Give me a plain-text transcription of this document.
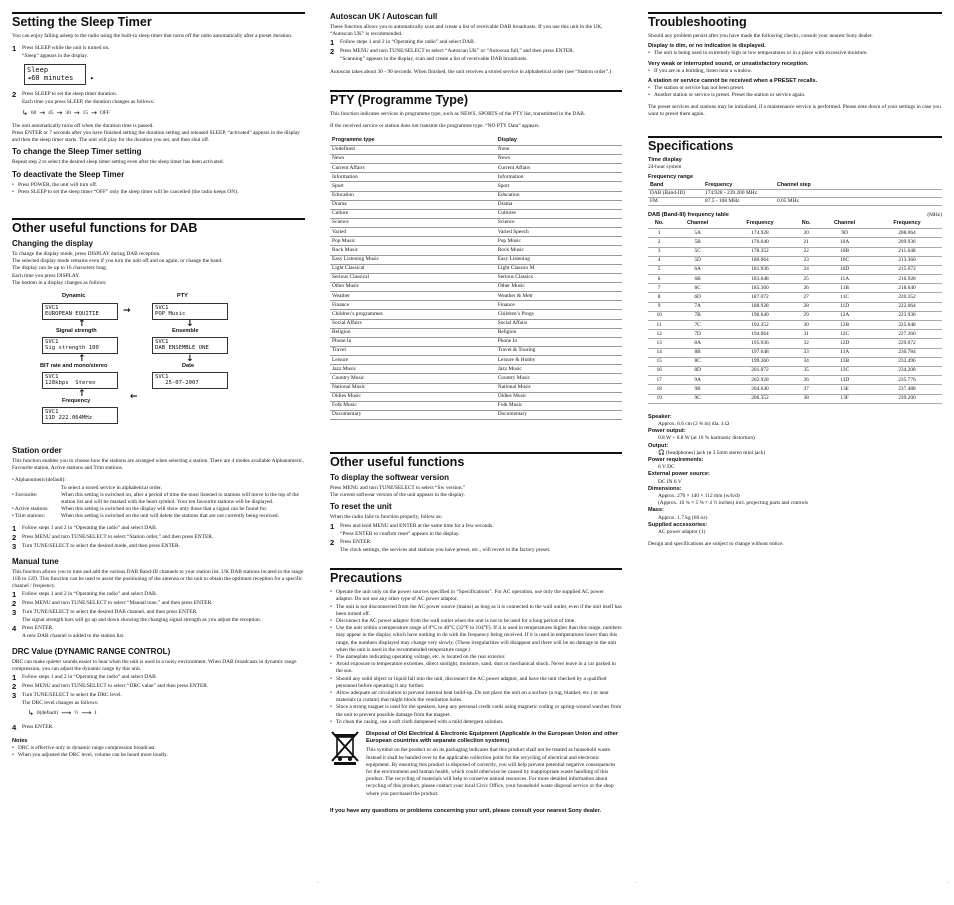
Setting the Sleep Timer

You can enjoy falling asleep to the radio using the built-in sleep timer that turns off the radio automatically after a preset duration.

1	Press SLEEP while the unit is turned on.

“Sleep” appears in the display.

Sleep
◂60 minutes    ▸
2	Press SLEEP to set the sleep timer duration.

Each time you press SLEEP, the duration changes as follows:

↳ 60 → 45 → 30 → 15 → OFF

The unit automatically turns off when the duration time is passed.

Press ENTER or 7 seconds after you have finished setting the duration setting and released SLEEP, “activated” appears in the display and then the sleep timer starts. The unit will play for the duration you set, and then shut off.

To change the Sleep Timer setting

Repeat step 2 to select the desired sleep timer setting even after the sleep timer has been activated.

To deactivate the Sleep Timer
• Press POWER, the unit will turn off.
• Press SLEEP to set the sleep timer “OFF” only the sleep timer will be cancelled (the radio keeps ON).
Other useful functions for DAB
Changing the display

To change the display mode, press DISPLAY during DAB reception.

The selected display mode remains even if you turn the unit off and on again, or change the band.

The display can be up to 16 characters long.

Each time you press DISPLAY.

The bottom in a display changes as follows:

Dynamic	PTY
SVC1
EUROPEAN EQUITIE	→	SVC1
POP Music
↑	↓
Signal strength	Ensemble
SVC1
Sig strength 100
SVC1
DAB ENSEMBLE ONE
↑	↓
BIT rate and mono/stereo	Date
SVC1
128kbps  Stereo
SVC1
25-07-2007
↑	←
Frequency
SVC1
11D 222.064MHz
Station order

This function enables you to choose how the stations are arranged when selecting a station. There are 4 modes available Alphanumeric, Favourite station, Active stations and Trim stations.

• Alphanumeric(default):
To select a stored service in alphabetical order.
• Favourite:	When this setting is switched on, after a period of time the most listened to stations will move to the top of the station list and will be marked with the heart symbol. Your ten favourite stations will be displayed.
• Active stations:	When this setting is switched on the display will show only those that a signal can be found for.
• Trim stations:	When this setting is switched on the unit will delete the stations that are not currently being received.
1	Follow steps 1 and 2 in “Operating the radio” and select DAB.
2	Press MENU and turn TUNE/SELECT to select “Station order,” and then press ENTER.
3	Turn TUNE/SELECT to select the desired mode, and then press ENTER.
Manual tune

This function allows you to tune and add the various DAB Band-III channels to your station list. UK DAB stations located in the range 11B to 12D. This function can be used to assist the positioning of the antenna or the unit to obtain the optimum reception for a specific channel / frequency.

1	Follow steps 1 and 2 in “Operating the radio” and select DAB.
2	Press MENU and turn TUNE/SELECT to select “Manual tune,” and then press ENTER.
3	Turn TUNE/SELECT to select the desired DAB channel, and then press ENTER.

The signal strength bars will go up and down showing the changing signal strength as you adjust the reception.

4	Press ENTER.

A new DAB channel is added to the station list.

DRC Value (DYNAMIC RANGE CONTROL)

DRC can make quieter sounds easier to hear when the unit is used in a noisy environment. When DAB broadcasts in dynamic range compression, you can adjust the dynamic range by this unit.

1	Follow steps 1 and 2 in “Operating the radio” and select DAB.
2	Press MENU and turn TUNE/SELECT to select “DRC value” and then press ENTER.
3	Turn TUNE/SELECT to select the DRC level.

The DRC level changes as follows:

↳ 0(default) ⟶ ½ ⟶ 1
4	Press ENTER.

Notes

• DRC is effective only in dynamic range compression broadcast.
• When you adjusted the DRC level, volume can be heard more loudly.
·
Autoscan UK / Autoscan full

These function allows you to automatically scan and create a list of receivable DAB broadcasts. If you use this unit in the UK, “Autoscan UK” is recommended.

1	Follow steps 1 and 2 in “Operating the radio” and select DAB.
2	Press MENU and turn TUNE/SELECT to select “Autoscan UK” or “Autoscan full,” and then press ENTER.

“Scanning” appears in the display, scan and create a list of receivable DAB broadcasts.

Autoscan takes about 30 - 90 seconds. When finished, the unit receives a stored service in alphabetical order (see “Station order”.)

PTY (Programme Type)

This function indicates services in programme type, such as NEWS, SPORTS of the PTY list, transmitted in the DAB.

If the received service or station does not transmit the programme type. “NO PTY Data” appears.

Programme type	Display
Undefined	None
News	News
Current Affairs	Current Affairs
Information	Information
Sport	Sport
Education	Education
Drama	Drama
Culture	Cultures
Science	Science
Varied	Varied Speech
Pop Music	Pop Music
Rock Music	Rock Music
Easy Listening Music	Easy Listening
Light Classical	Light Classics M
Serious Classical	Serious Classics
Other Music	Other Music
Weather	Weather & Metr
Finance	Finance
Children’s programmes	Children’s Progs
Social Affairs	Social Affairs
Religion	Religion
Phone In	Phone In
Travel	Travel & Touring
Leisure	Leisure & Hobby
Jazz Music	Jazz Music
Country Music	Country Music
National Music	National Music
Oldies Music	Oldies Music
Folk Music	Folk Music
Documentary	Documentary
Other useful functions
To display the softwear version

Press MENU and turn TUNE/SELECT to select “Sw version.”

The current softwear version of the unit appears in the display.

To reset the unit

When the radio fails to function properly, follow as:

1	Press and hold MENU and ENTER at the same time for a few seconds.

“Press ENTER to confirm reset” appears in the display.

2	Press ENTER.

The clock settings, the services and stations you have preset, etc., will revert to the factory preset.

Precautions
• Operate the unit only on the power sources specified in “Specifications”. For AC operation, use only the supplied AC power adaptor. Do not use any other type of AC power adaptor.
• The unit is not disconnected from the AC power source (mains) as long as it is connected to the wall outlet, even if the unit itself has been turned off.
• Disconnect the AC power adaptor from the wall outlet when the unit is not to be used for a long period of time.
• Use the unit within a temperature range of 0°C to 40°C (32°F to 104°F). If it is used in temperatures higher than this range, numbers may appear in the display which have nothing to do with the frequency being received. If it is used in temperatures lower than this range, the numbers displayed may change very slowly. (These irregularities will disappear and there will be no damage to the unit when the unit is used in the recommended temperature range.)
• The nameplate indicating operating voltage, etc. is located on the rear exterior.
• Avoid exposure to temperature extremes, direct sunlight, moisture, sand, dust or mechanical shock. Never leave in a car parked in the sun.
• Should any solid object or liquid fall into the unit, disconnect the AC power adaptor, and have the unit checked by a qualified personnel before operating it any further.
• Allow adequate air circulation to prevent internal heat build-up. Do not place the unit on a surface (a rug, blanket, etc.) or near materials (a curtain) that might block the ventilation holes.
• Since a strong magnet is used for the speakers, keep any personal credit cards using magnetic coding or spring-wound watches from the unit to prevent possible damage from the magnet.
• To clean the casing, use a soft cloth dampened with a mild detergent solution.

Disposal of Old Electrical & Electronic Equipment (Applicable in the European Union and other European countries with separate collection systems)

This symbol on the product or on its packaging indicates that this product shall not be treated as household waste. Instead it shall be handed over to the applicable collection point for the recycling of electrical and electronic equipment. By ensuring this product is disposed of correctly, you will help prevent potential negative consequences for the environment and human health, which could otherwise be caused by inappropriate waste handling of this product. The recycling of materials will help to conserve natural resources. For more detailed information about recycling of this product, please contact your local Civic Office, your household waste disposal service or the shop where you purchased the product.

If you have any questions or problems concerning your unit, please consult your nearest Sony dealer.

·
Troubleshooting

Should any problem persist after you have made the following checks, consult your nearest Sony dealer.

Display is dim, or no indication is displayed.

• The unit is being used in extremely high or low temperatures or in a place with excessive moisture.

Very weak or interrupted sound, or unsatisfactory reception.

• If you are in a building, listen near a window.

A station or service cannot be received when a PRESET recalls.

• The station or service has not been preset.
• Another station or service is preset. Preset the station or service again.

The preset services and stations may be initialized, if a maintenance service is performed. Please note down of your settings in case you want to preset them again.

Specifications

Time display

24-hour system

Frequency range

Band	Frequency	Channel step
DAB (Band-III)	174.928 - 239.200 MHz	
FM	87.5 - 108 MHz	0.05 MHz
DAB (Band-III) frequency table	(MHz)
No.	Channel	Frequency	No.	Channel	Frequency
1	5A	174.928	20	9D	208.064
2	5B	176.640	21	10A	209.936
3	5C	178.352	22	10B	211.648
4	5D	180.064	23	10C	213.360
5	6A	181.936	24	10D	215.072
6	6B	183.648	25	11A	216.928
7	6C	185.360	26	11B	218.640
8	6D	187.072	27	11C	220.352
9	7A	188.928	28	11D	222.064
10	7B	190.640	29	12A	223.936
11	7C	192.352	30	12B	225.648
12	7D	194.064	31	12C	227.360
13	8A	195.936	32	12D	229.072
14	8B	197.648	33	13A	230.784
15	8C	199.360	34	13B	232.496
16	8D	201.072	35	13C	234.208
17	9A	202.928	36	13D	235.776
18	9B	204.640	37	13E	237.488
19	9C	206.352	38	13F	239.200

Speaker:

Approx. 6.6 cm (2 ⅝ in) dia. 4 Ω

Power output:

0.8 W + 0.8 W (at 10 % harmonic distortion)

Output:

🎧 (headphones) jack (ø 3.5mm stereo mini jack)

Power requirements:

6 V DC

External power source:

DC IN 6 V

Dimensions:

Approx. 270 × 140 × 112 mm (w/h/d)

(Approx. 10 ¾ × 5 ⅝ × 4 ½ inches) incl. projecting parts and controls

Mass:

Approx. 1.7 kg (60 oz)

Supplied accessories:

AC power adaptor (1)

Design and specifications are subject to change without notice.

·
